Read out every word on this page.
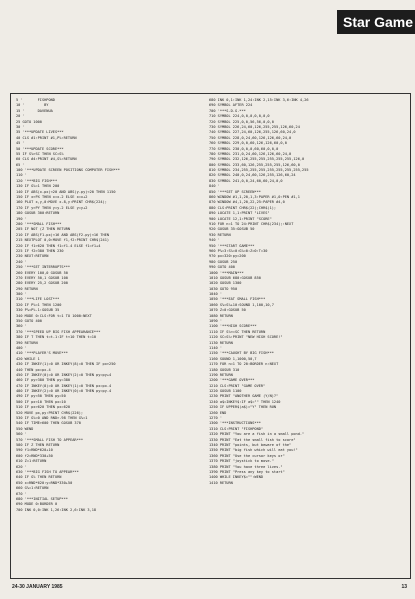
Star Game
5 '       FISHPOND
10 '         BY
15 '      DAVENUA
20 '
25 GOTO 1000
30 '
35 '***UPDATE LIVES***
40 CLS #1:PRINT #1,P%:RETURN
45 '
50 '***UPDATE SCORE***
55 IF S%>SC THEN SC=S%
60 CLS #4:PRINT #4,S%:RETURN
65 '
100 '***UPDATE SCREEN POSITIONS COMPUTER FISH***
110 '
120 '***BIG FISH***
130 IF G%=1 THEN 200
140 IF ABS(x-px)<20 AND ABS(y-py)<20 THEN 1150
150 IF x>PX THEN x=x-2 ELSE x=x+2
160 PLOT x,y,0:MOVE x-8,y:PRINT CHR$(224);
170 IF y>PY THEN y=y-2 ELSE y=y+2
180 GOSUB 300:RETURN
190 '
200 '***SMALL FISH***
205 IF NOT (Z THEN RETURN
210 IF ABS(F1-px)<16 AND ABS(F2-py)<16 THEN
215 NEXTPLOT 0,0:MOVE f1,f2:PRINT CHR$(241)
220 IF f1>620 THEN f1=f1-4 ELSE f1=f1+4
225 IF f2>380 THEN 230
230 NEXT:RETURN
240 '
250 '***SET INTERRUPTS***
260 EVERY 100,0 GOSUB 50
270 EVERY 50,1 GOSUB 100
280 EVERY 25,2 GOSUB 200
290 RETURN
300 '
310 '***LIFE LOST***
320 IF P%=1 THEN 1200
330 P%=P%-1:GOSUB 35
340 MODE 0:CLS:FOR t=1 TO 1000:NEXT
350 GOTO 400
360 '
370 '***SPEED UP BIG FISH APPEARANCE***
380 IF T THEN t=t-1:IF t<10 THEN t=10
390 RETURN
400 '
410 '***PLAYER'S MOVE***
420 WHILE 1
430 IF INKEY(1)=0 OR INKEY(8)=0 THEN IF px>250
440 THEN px=px-4
450 IF INKEY(0)=0 OR INKEY(2)=0 THEN py=py+4
460 IF py>380 THEN py=380
470 IF INKEY(8)=0 OR INKEY(1)=0 THEN px=px-4
480 IF INKEY(2)=0 OR INKEY(0)=0 THEN py=py-4
490 IF py<50 THEN py=50
500 IF px<10 THEN px=10
510 IF px>620 THEN px=620
520 MOVE px,py:PRINT CHR$(226);
530 IF G%=0 AND RND>.98 THEN G%=1
540 IF TIME>600 THEN GOSUB 370
550 WEND
560 '
570 '***SMALL FISH TO APPEAR***
580 IF Z THEN RETURN
590 f1=RND*620+10
600 f2=RND*330+50
610 Z=1:RETURN
620 '
630 '***BIG FISH TO APPEAR***
640 IF G% THEN RETURN
650 x=RND*620:y=RND*330+50
660 G%=1:RETURN
670 '
680 '***INITIAL SETUP***
690 MODE 0:BORDER 0
700 INK 0,0:INK 1,26:INK 2,6:INK 3,18
680 INK 0,1:INK 1,24:INK 2,15:INK 3,6:INK 4,26
690 SYMBOL AFTER 224
700 '***S.D.G.***
710 SYMBOL 224,0,0,0,0,0,0,0
720 SYMBOL 225,0,0,56,56,0,0,0
730 SYMBOL 226,24,60,126,255,255,126,60,24
740 SYMBOL 227,24,60,126,255,126,60,24,0
750 SYMBOL 228,0,24,60,126,126,60,24,0
760 SYMBOL 229,0,0,60,126,126,60,0,0
770 SYMBOL 230,0,0,0,60,60,0,0,0
780 SYMBOL 231,0,24,60,126,126,60,24,0
790 SYMBOL 232,126,255,255,255,255,255,126,0
800 SYMBOL 233,60,126,255,255,255,126,60,0
810 SYMBOL 234,255,255,255,255,255,255,255,255
820 SYMBOL 240,0,24,60,126,255,126,60,24
830 SYMBOL 241,0,0,24,60,60,24,0,0
840 '
850 '***SET UP SCREEN***
860 WINDOW #1,1,20,1,3:PAPER #1,0:PEN #1,1
870 WINDOW #4,1,20,22,25:PAPER #4,0
880 CLS:PRINT CHR$(22);CHR$(1);
890 LOCATE 1,1:PRINT "LIVES"
900 LOCATE 12,1:PRINT "SCORE"
910 FOR n=1 TO 24:PRINT CHR$(234);:NEXT
920 GOSUB 35:GOSUB 50
930 RETURN
940 '
950 '***START GAME***
960 P%=3:S%=0:G%=0:Z=0:T=30
970 px=320:py=200
980 GOSUB 250
990 GOTO 400
1000 '***MAIN***
1010 GOSUB 680:GOSUB 850
1020 GOSUB 1300
1030 GOTO 950
1040 '
1050 '***EAT SMALL FISH***
1060 S%=S%+10:SOUND 1,100,10,7
1070 Z=0:GOSUB 50
1080 RETURN
1090 '
1100 '***HIGH SCORE***
1110 IF S%<=SC THEN RETURN
1120 SC=S%:PRINT "NEW HIGH SCORE!"
1130 RETURN
1140 '
1150 '***CAUGHT BY BIG FISH***
1160 SOUND 1,1000,50,7
1170 FOR n=1 TO 20:BORDER n:NEXT
1180 GOSUB 310
1190 RETURN
1200 '***GAME OVER***
1210 CLS:PRINT "GAME OVER"
1220 GOSUB 1100
1230 PRINT "ANOTHER GAME (Y/N)?"
1240 a$=INKEY$:IF a$="" THEN 1240
1250 IF UPPER$(a$)="Y" THEN RUN
1260 END
1270 '
1300 '***INSTRUCTIONS***
1310 CLS:PRINT "FISHPOND"
1320 PRINT "You are a fish in a small pond."
1330 PRINT "Eat the small fish to score"
1340 PRINT "points, but beware of the"
1350 PRINT "big fish which will eat you!"
1360 PRINT "Use the cursor keys or"
1370 PRINT "joystick to move."
1380 PRINT "You have three lives."
1390 PRINT "Press any key to start"
1400 WHILE INKEY$="":WEND
1410 RETURN
24-30 JANUARY 1985	13
